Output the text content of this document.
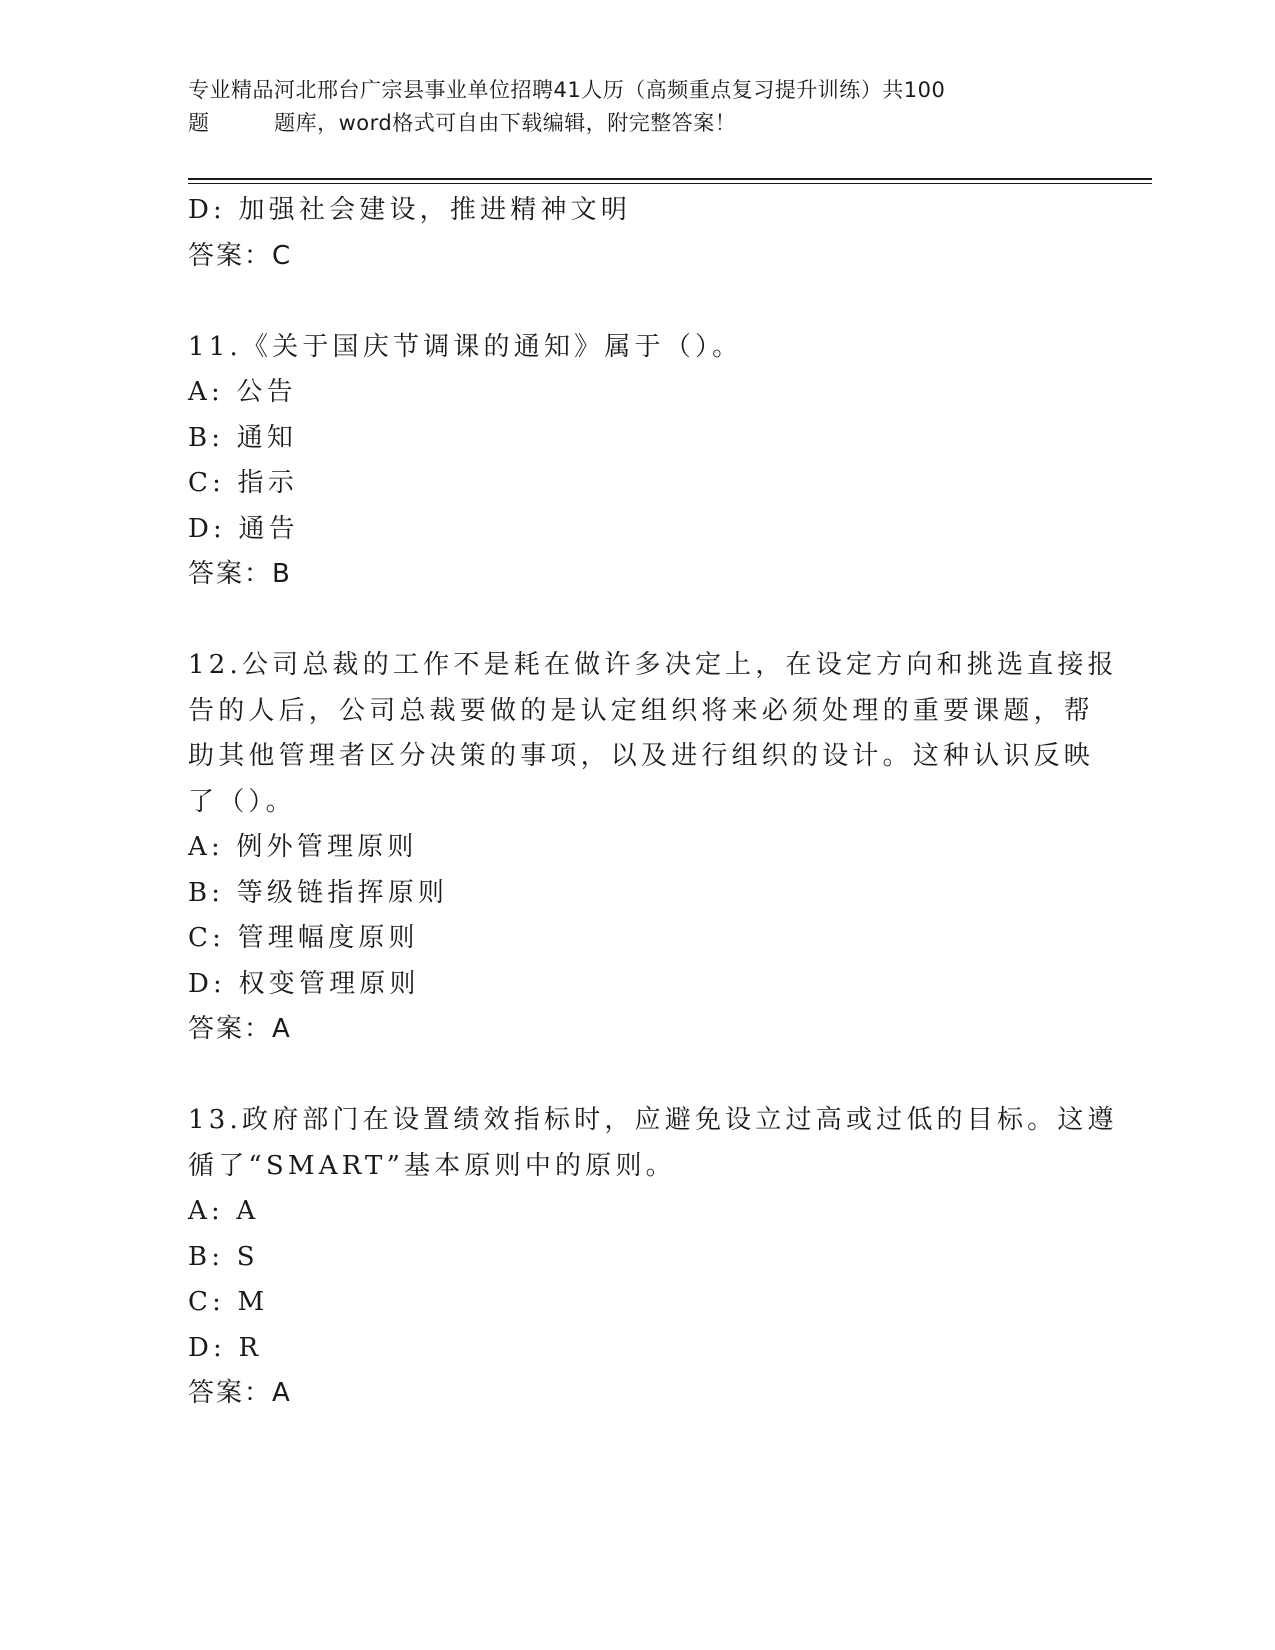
专业精品河北邢台广宗县事业单位招聘41人历（高频重点复习提升训练）共100
题         题库，word格式可自由下载编辑，附完整答案！
D: 加强社会建设，推进精神文明
答案：C
11.《关于国庆节调课的通知》属于（）。
A: 公告
B: 通知
C: 指示
D: 通告
答案：B
12.公司总裁的工作不是耗在做许多决定上，在设定方向和挑选直接报
告的人后，公司总裁要做的是认定组织将来必须处理的重要课题，帮
助其他管理者区分决策的事项，以及进行组织的设计。这种认识反映
了（）。
A: 例外管理原则
B: 等级链指挥原则
C: 管理幅度原则
D: 权变管理原则
答案：A
13.政府部门在设置绩效指标时，应避免设立过高或过低的目标。这遵
循了“SMART”基本原则中的原则。
A: A
B: S
C: M
D: R
答案：A
